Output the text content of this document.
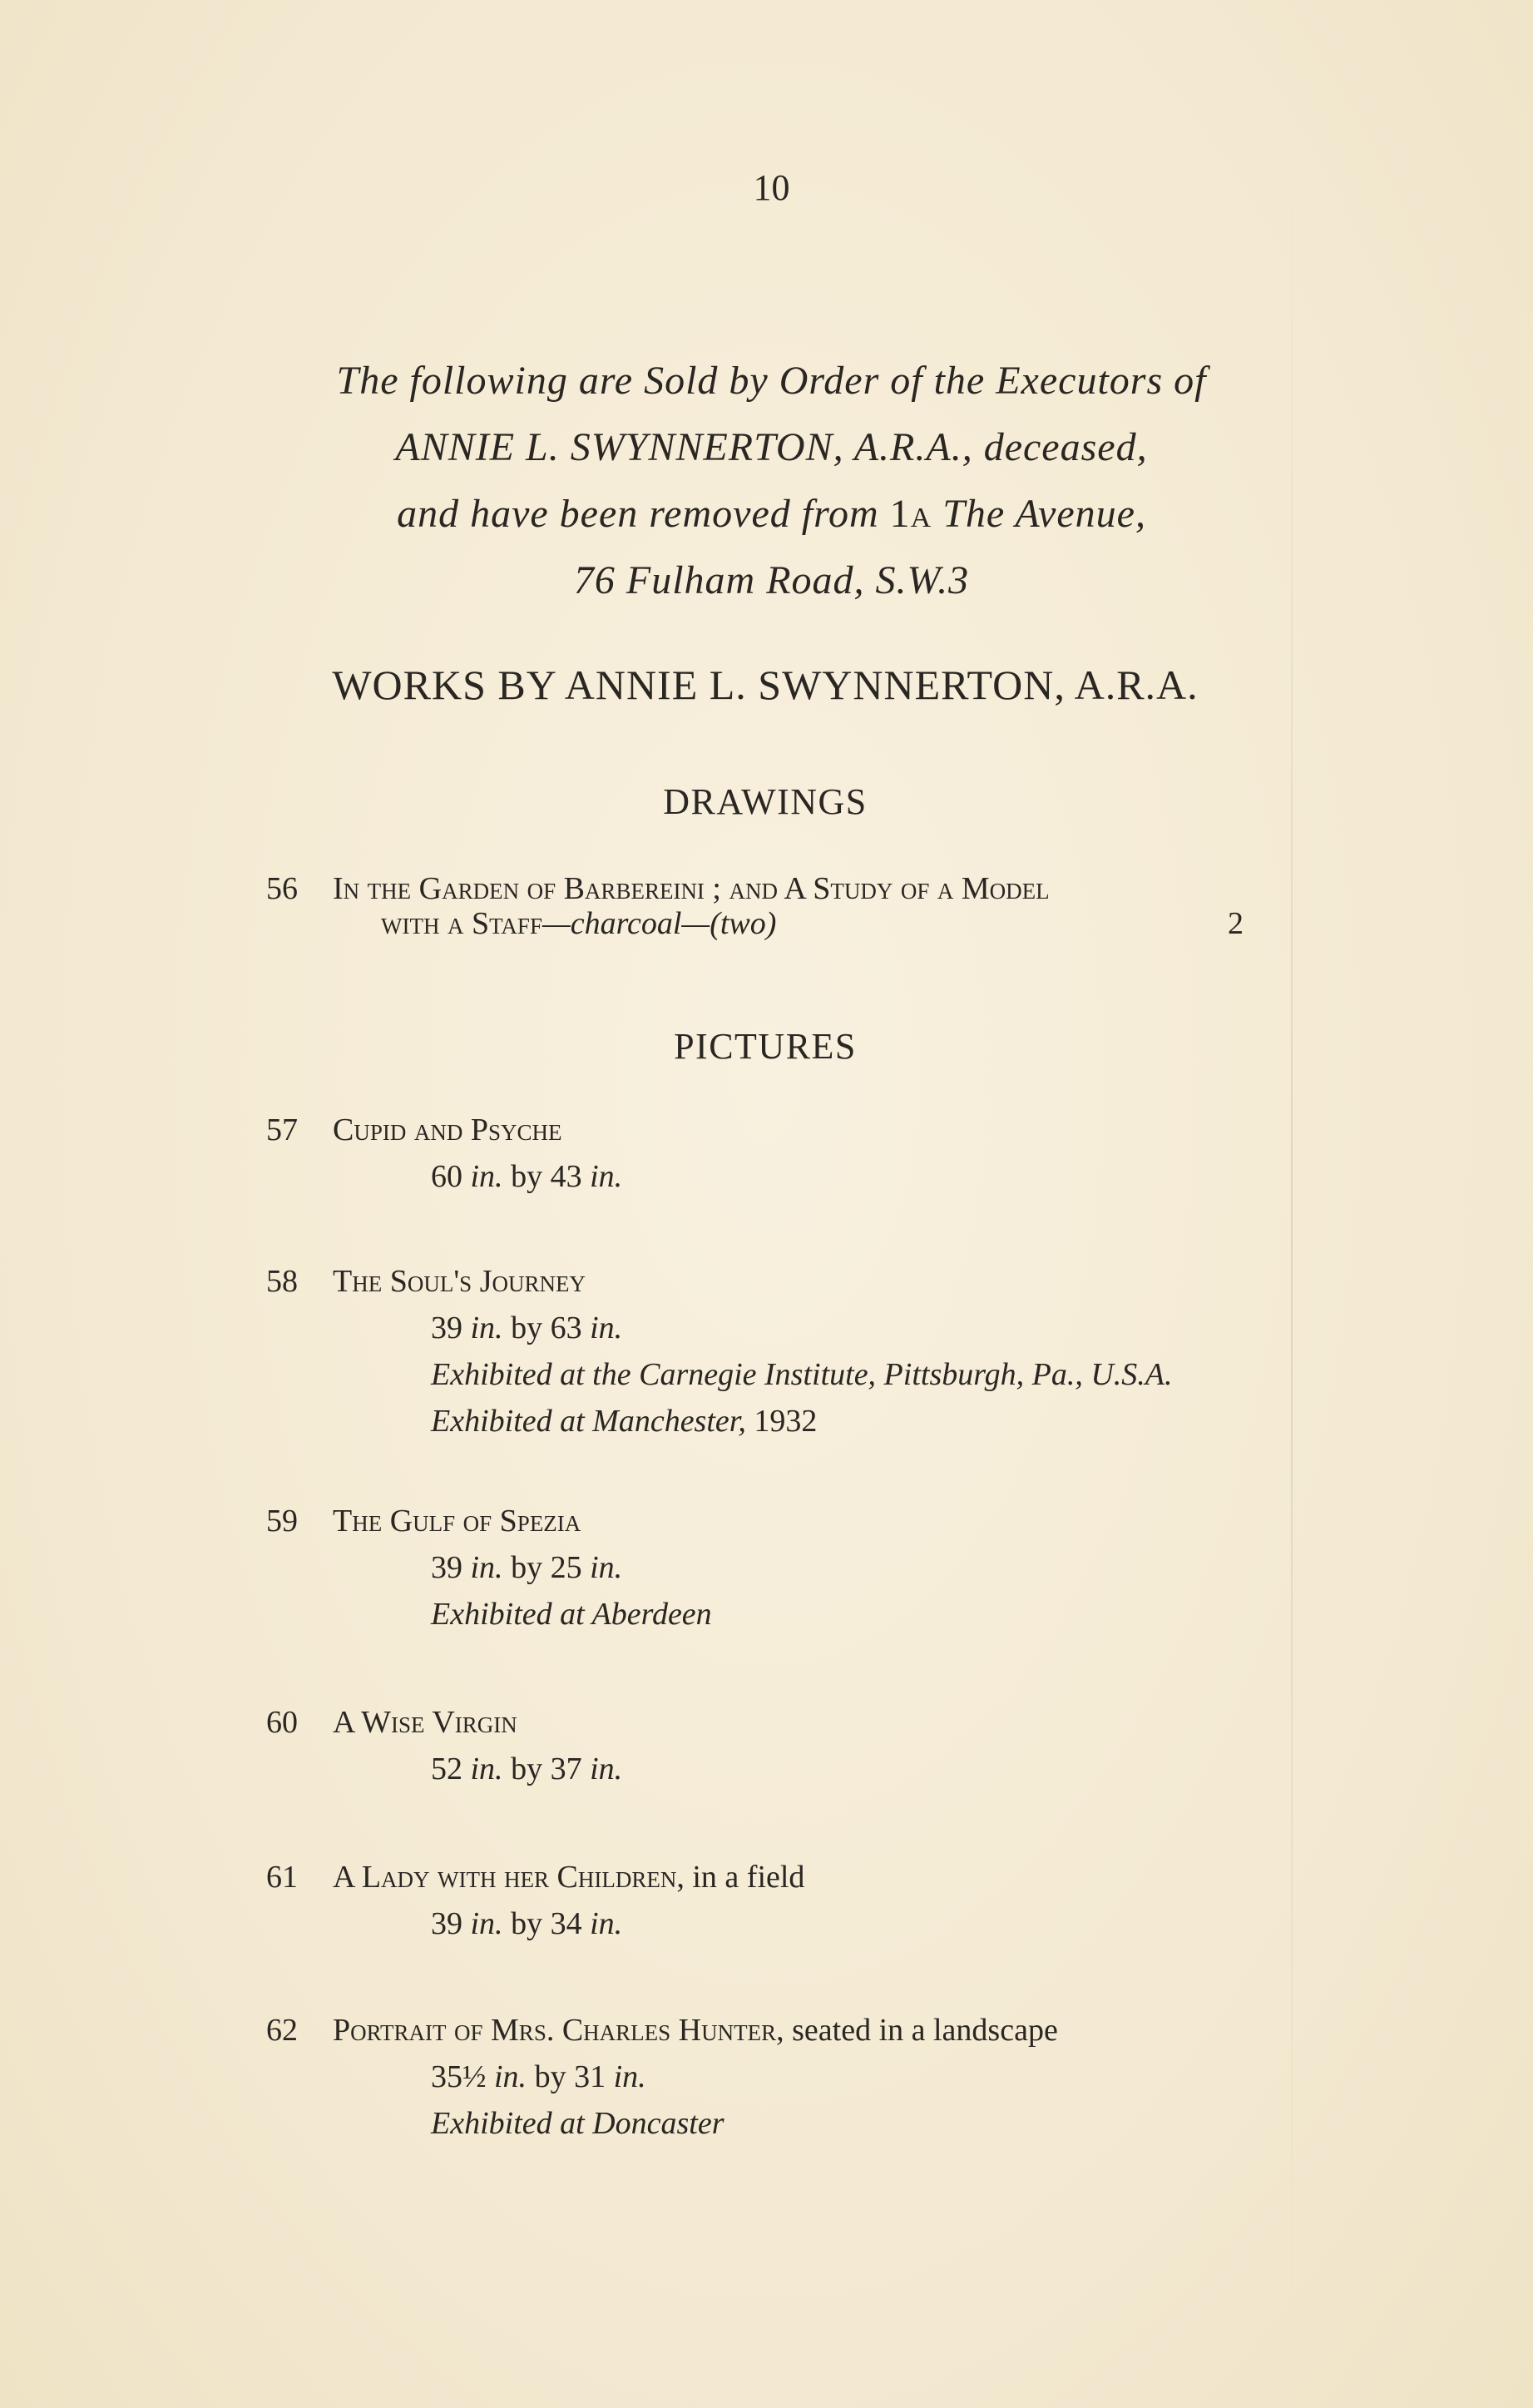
10
The following are Sold by Order of the Executors of
ANNIE L. SWYNNERTON, A.R.A., deceased,
and have been removed from 1a The Avenue,
76 Fulham Road, S.W.3
WORKS BY ANNIE L. SWYNNERTON, A.R.A.
DRAWINGS
56 In the Garden of Barbereini ; and A Study of a Model
with a Staff—charcoal—(two)	2
PICTURES
57 Cupid and Psyche
60 in. by 43 in.
58 The Soul's Journey
39 in. by 63 in.
Exhibited at the Carnegie Institute, Pittsburgh, Pa., U.S.A.
Exhibited at Manchester, 1932
59 The Gulf of Spezia
39 in. by 25 in.
Exhibited at Aberdeen
60 A Wise Virgin
52 in. by 37 in.
61 A Lady with her Children, in a field
39 in. by 34 in.
62 Portrait of Mrs. Charles Hunter, seated in a landscape
35½ in. by 31 in.
Exhibited at Doncaster
